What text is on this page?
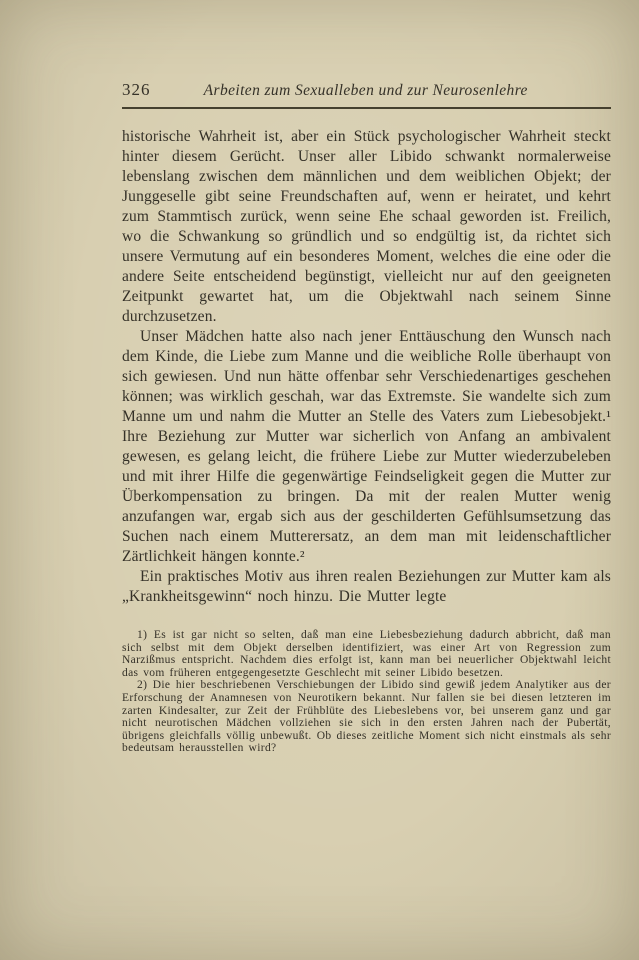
326	Arbeiten zum Sexualleben und zur Neurosenlehre

historische Wahrheit ist, aber ein Stück psychologischer Wahrheit steckt hinter diesem Gerücht. Unser aller Libido schwankt normalerweise lebenslang zwischen dem männlichen und dem weiblichen Objekt; der Junggeselle gibt seine Freundschaften auf, wenn er heiratet, und kehrt zum Stammtisch zurück, wenn seine Ehe schaal geworden ist. Freilich, wo die Schwankung so gründlich und so endgültig ist, da richtet sich unsere Vermutung auf ein besonderes Moment, welches die eine oder die andere Seite entscheidend begünstigt, vielleicht nur auf den geeigneten Zeitpunkt gewartet hat, um die Objektwahl nach seinem Sinne durchzusetzen.

Unser Mädchen hatte also nach jener Enttäuschung den Wunsch nach dem Kinde, die Liebe zum Manne und die weibliche Rolle überhaupt von sich gewiesen. Und nun hätte offenbar sehr Verschiedenartiges geschehen können; was wirklich geschah, war das Extremste. Sie wandelte sich zum Manne um und nahm die Mutter an Stelle des Vaters zum Liebesobjekt.¹ Ihre Beziehung zur Mutter war sicherlich von Anfang an ambivalent gewesen, es gelang leicht, die frühere Liebe zur Mutter wiederzubeleben und mit ihrer Hilfe die gegenwärtige Feindseligkeit gegen die Mutter zur Überkompensation zu bringen. Da mit der realen Mutter wenig anzufangen war, ergab sich aus der geschilderten Gefühlsumsetzung das Suchen nach einem Mutterersatz, an dem man mit leidenschaftlicher Zärtlichkeit hängen konnte.²

Ein praktisches Motiv aus ihren realen Beziehungen zur Mutter kam als „Krankheitsgewinn“ noch hinzu. Die Mutter legte

1) Es ist gar nicht so selten, daß man eine Liebesbeziehung dadurch abbricht, daß man sich selbst mit dem Objekt derselben identifiziert, was einer Art von Regression zum Narzißmus entspricht. Nachdem dies erfolgt ist, kann man bei neuerlicher Objektwahl leicht das vom früheren entgegengesetzte Geschlecht mit seiner Libido besetzen.

2) Die hier beschriebenen Verschiebungen der Libido sind gewiß jedem Analytiker aus der Erforschung der Anamnesen von Neurotikern bekannt. Nur fallen sie bei diesen letzteren im zarten Kindesalter, zur Zeit der Frühblüte des Liebeslebens vor, bei unserem ganz und gar nicht neurotischen Mädchen vollziehen sie sich in den ersten Jahren nach der Pubertät, übrigens gleichfalls völlig unbewußt. Ob dieses zeitliche Moment sich nicht einstmals als sehr bedeutsam herausstellen wird?
